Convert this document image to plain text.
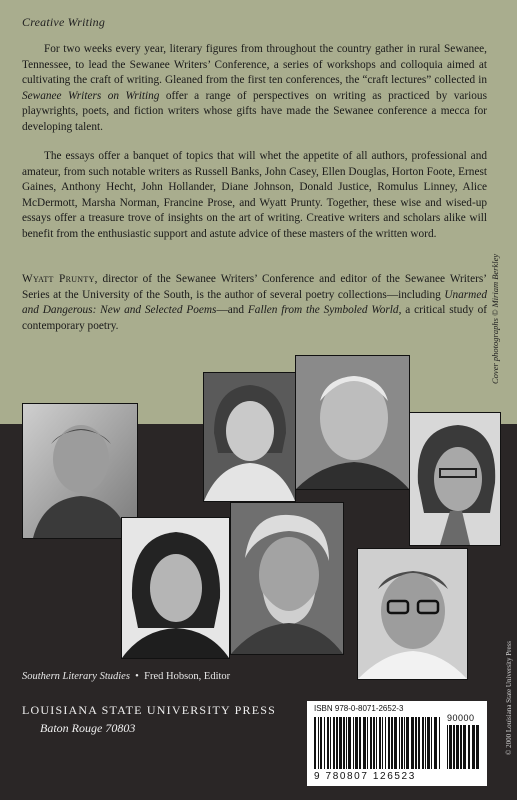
Creative Writing

For two weeks every year, literary figures from throughout the country gather in rural Sewanee, Tennessee, to lead the Sewanee Writers’ Conference, a series of workshops and colloquia aimed at cultivating the craft of writing. Gleaned from the first ten conferences, the “craft lectures” collected in Sewanee Writers on Writing offer a range of perspectives on writing as practiced by various playwrights, poets, and fiction writers whose gifts have made the Sewanee conference a mecca for developing talent.

The essays offer a banquet of topics that will whet the appetite of all authors, professional and amateur, from such notable writers as Russell Banks, John Casey, Ellen Douglas, Horton Foote, Ernest Gaines, Anthony Hecht, John Hollander, Diane Johnson, Donald Justice, Romulus Linney, Alice McDermott, Marsha Norman, Francine Prose, and Wyatt Prunty. Together, these wise and wised-up essays offer a treasure trove of insights on the art of writing. Creative writers and scholars alike will benefit from the enthusiastic support and astute advice of these masters of the written word.

Wyatt Prunty, director of the Sewanee Writers’ Conference and editor of the Sewanee Writers’ Series at the University of the South, is the author of several poetry collections—including Unarmed and Dangerous: New and Selected Poems—and Fallen from the Symboled World, a critical study of contemporary poetry.	Cover photographs © Miriam Berkley
© 2000 Louisiana State University Press
Southern Literary Studies • Fred Hobson, Editor
LOUISIANA STATE UNIVERSITY PRESS
Baton Rouge 70803
ISBN 978-0-8071-2652-3
90000
9 780807 126523
